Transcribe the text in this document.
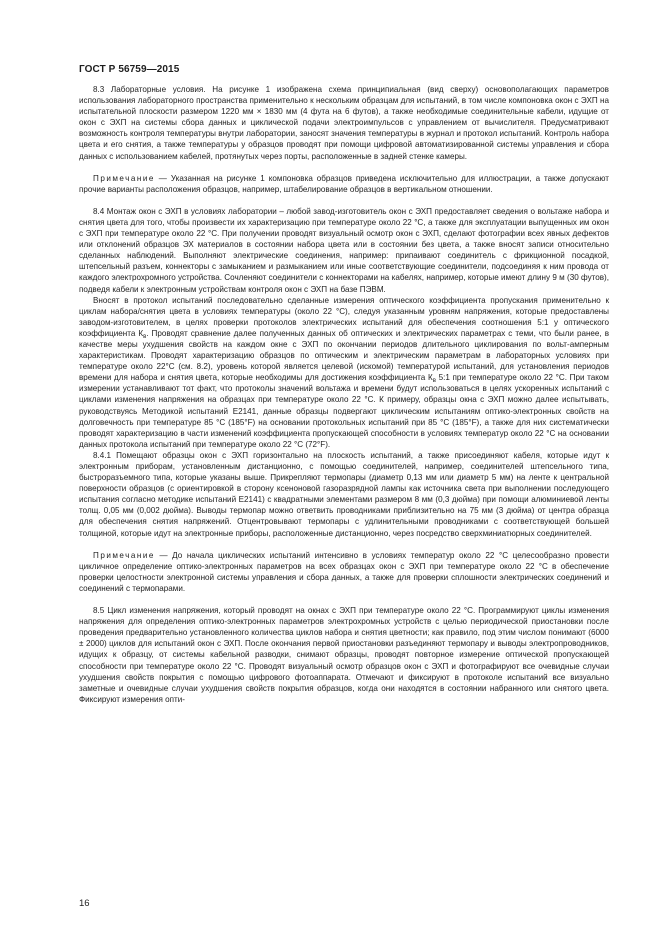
ГОСТ Р 56759—2015

8.3 Лабораторные условия. На рисунке 1 изображена схема принципиальная (вид сверху) основополагающих параметров использования лабораторного пространства применительно к нескольким образцам для испытаний, в том числе компоновка окон с ЭХП на испытательной плоскости размером 1220 мм × 1830 мм (4 фута на 6 футов), а также необходимые соединительные кабели, идущие от окон с ЭХП на системы сбора данных и циклической подачи электроимпульсов с управлением от вычислителя. Предусматривают возможность контроля температуры внутри лаборатории, заносят значения температуры в журнал и протокол испытаний. Контроль набора цвета и его снятия, а также температуры у образцов проводят при помощи цифровой автоматизированной системы управления и сбора данных с использованием кабелей, протянутых через порты, расположенные в задней стенке камеры.

Примечание — Указанная на рисунке 1 компоновка образцов приведена исключительно для иллюстрации, а также допускают прочие варианты расположения образцов, например, штабелирование образцов в вертикальном отношении.

8.4 Монтаж окон с ЭХП в условиях лаборатории – любой завод-изготовитель окон с ЭХП предоставляет сведения о вольтаже набора и снятия цвета для того, чтобы произвести их характеризацию при температуре около 22 °С, а также для эксплуатации выпущенных им окон с ЭХП при температуре около 22 °С. При получении проводят визуальный осмотр окон с ЭХП, сделают фотографии всех явных дефектов или отклонений образцов ЭХ материалов в состоянии набора цвета или в состоянии без цвета, а также вносят записи относительно сделанных наблюдений. Выполняют электрические соединения, например: припаивают соединитель с фрикционной посадкой, штепсельный разъем, коннекторы с замыканием и размыканием или иные соответствующие соединители, подсоединяя к ним провода от каждого электрохромного устройства. Сочленяют соединители с коннекторами на кабелях, например, которые имеют длину 9 м (30 футов), подведя кабели к электронным устройствам контроля окон с ЭХП на базе ПЭВМ.

Вносят в протокол испытаний последовательно сделанные измерения оптического коэффициента пропускания применительно к циклам набора/снятия цвета в условиях температуры (около 22 °С), следуя указанным уровням напряжения, которые предоставлены заводом-изготовителем, в целях проверки протоколов электрических испытаний для обеспечения соотношения 5:1 у оптического коэффициента $К_в$. Проводят сравнение далее полученных данных об оптических и электрических параметрах с теми, что были ранее, в качестве меры ухудшения свойств на каждом окне с ЭХП по окончании периодов длительного циклирования по вольт-амперным характеристикам. Проводят характеризацию образцов по оптическим и электрическим параметрам в лабораторных условиях при температуре около 22°С (см. 8.2), уровень которой является целевой (искомой) температурой испытаний, для установления периодов времени для набора и снятия цвета, которые необходимы для достижения коэффициента $К_в$ 5:1 при температуре около 22 °С. При таком измерении устанавливают тот факт, что протоколы значений вольтажа и времени будут использоваться в целях ускоренных испытаний с циклами изменения напряжения на образцах при температуре около 22 °С. К примеру, образцы окна с ЭХП можно далее испытывать, руководствуясь Методикой испытаний Е2141, данные образцы подвергают циклическим испытаниям оптико-электронных свойств на долговечность при температуре 85 °С (185°F) на основании протокольных испытаний при 85 °С (185°F), а также для них систематически проводят характеризацию в части изменений коэффициента пропускающей способности в условиях температур около 22 °С на основании данных протокола испытаний при температуре около 22 °С (72°F).

8.4.1 Помещают образцы окон с ЭХП горизонтально на плоскость испытаний, а также присоединяют кабеля, которые идут к электронным приборам, установленным дистанционно, с помощью соединителей, например, соединителей штепсельного типа, быстроразъемного типа, которые указаны выше. Прикрепляют термопары (диаметр 0,13 мм или диаметр 5 мм) на ленте к центральной поверхности образцов (с ориентировкой в сторону ксеноновой газоразрядной лампы как источника света при выполнении последующего испытания согласно методике испытаний Е2141) с квадратными элементами размером 8 мм (0,3 дюйма) при помощи алюминиевой ленты толщ. 0,05 мм (0,002 дюйма). Выводы термопар можно ответвить проводниками приблизительно на 75 мм (3 дюйма) от центра образца для обеспечения снятия напряжений. Отцентровывают термопары с удлинительными проводниками с соответствующей большей толщиной, которые идут на электронные приборы, расположенные дистанционно, через посредство сверхминиатюрных соединителей.

Примечание — До начала циклических испытаний интенсивно в условиях температур около 22 °С целесообразно провести цикличное определение оптико-электронных параметров на всех образцах окон с ЭХП при температуре около 22 °С в обеспечение проверки целостности электронной системы управления и сбора данных, а также для проверки сплошности электрических соединений и соединений с термопарами.

8.5 Цикл изменения напряжения, который проводят на окнах с ЭХП при температуре около 22 °С. Программируют циклы изменения напряжения для определения оптико-электронных параметров электрохромных устройств с целью периодической приостановки после проведения предварительно установленного количества циклов набора и снятия цветности; как правило, под этим числом понимают (6000 ± 2000) циклов для испытаний окон с ЭХП. После окончания первой приостановки разъединяют термопару и выводы электропроводников, идущих к образцу, от системы кабельной разводки, снимают образцы, проводят повторное измерение оптической пропускающей способности при температуре около 22 °С. Проводят визуальный осмотр образцов окон с ЭХП и фотографируют все очевидные случаи ухудшения свойств покрытия с помощью цифрового фотоаппарата. Отмечают и фиксируют в протоколе испытаний все визуально заметные и очевидные случаи ухудшения свойств покрытия образцов, когда они находятся в состоянии набранного или снятого цвета. Фиксируют измерения опти-

16
